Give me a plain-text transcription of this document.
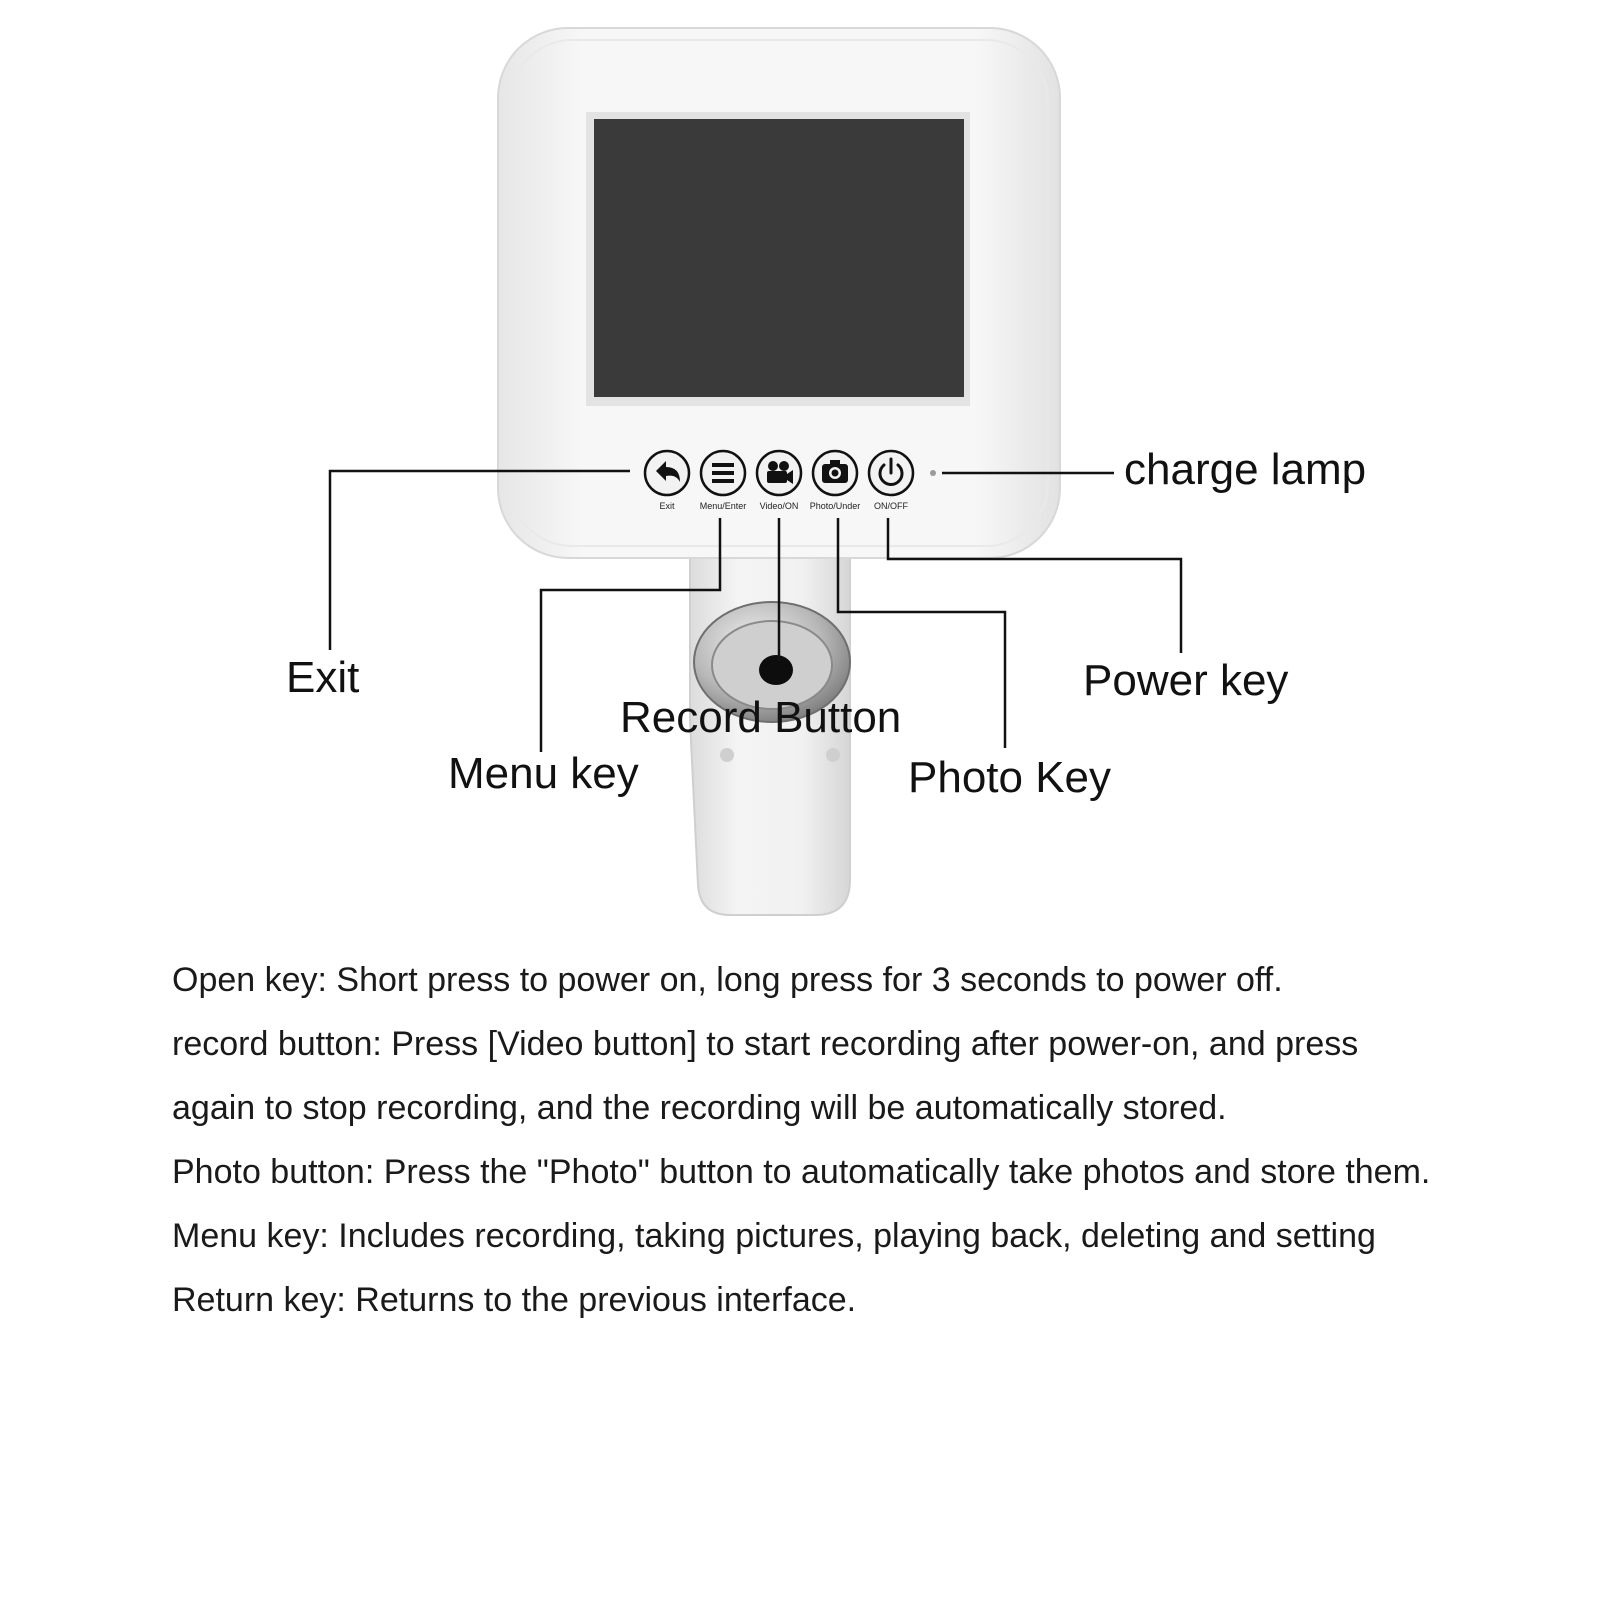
Exit	Menu/Enter Video/ON Photo/Under ON/OFF
Exit
Menu key
Record Button
Photo Key
Power key
charge lamp

Open key: Short press to power on, long press for 3 seconds to power off.

record button: Press [Video button] to start recording after power-on, and press again to stop recording, and the recording will be automatically stored.

Photo button: Press the "Photo" button to automatically take photos and store them.

Menu key: Includes recording, taking pictures, playing back, deleting and setting

Return key: Returns to the previous interface.
